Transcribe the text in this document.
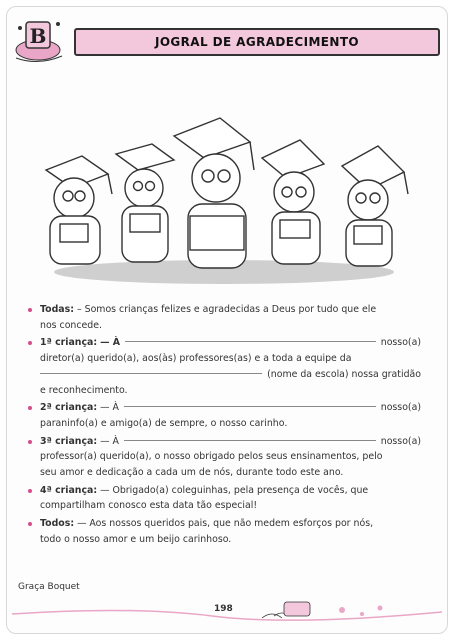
B	JOGRAL DE AGRADECIMENTO
Todas: – Somos crianças felizes e agradecidas a Deus por tudo que ele
nos concede.
1ª criança:
— À	nosso(a)
diretor(a) querido(a), aos(às) professores(as) e a toda a equipe da
(nome da escola) nossa gratidão
e reconhecimento.
2ª criança:
— À	nosso(a)
paraninfo(a) e amigo(a) de sempre, o nosso carinho.
3ª criança:
— À	nosso(a)
professor(a) querido(a), o nosso obrigado pelos seus ensinamentos, pelo
seu amor e dedicação a cada um de nós, durante todo este ano.
4ª criança: — Obrigado(a) coleguinhas, pela presença de vocês, que
compartilham conosco esta data tão especial!
Todos: — Aos nossos queridos pais, que não medem esforços por nós,
todo o nosso amor e um beijo carinhoso.
Graça Boquet
198
